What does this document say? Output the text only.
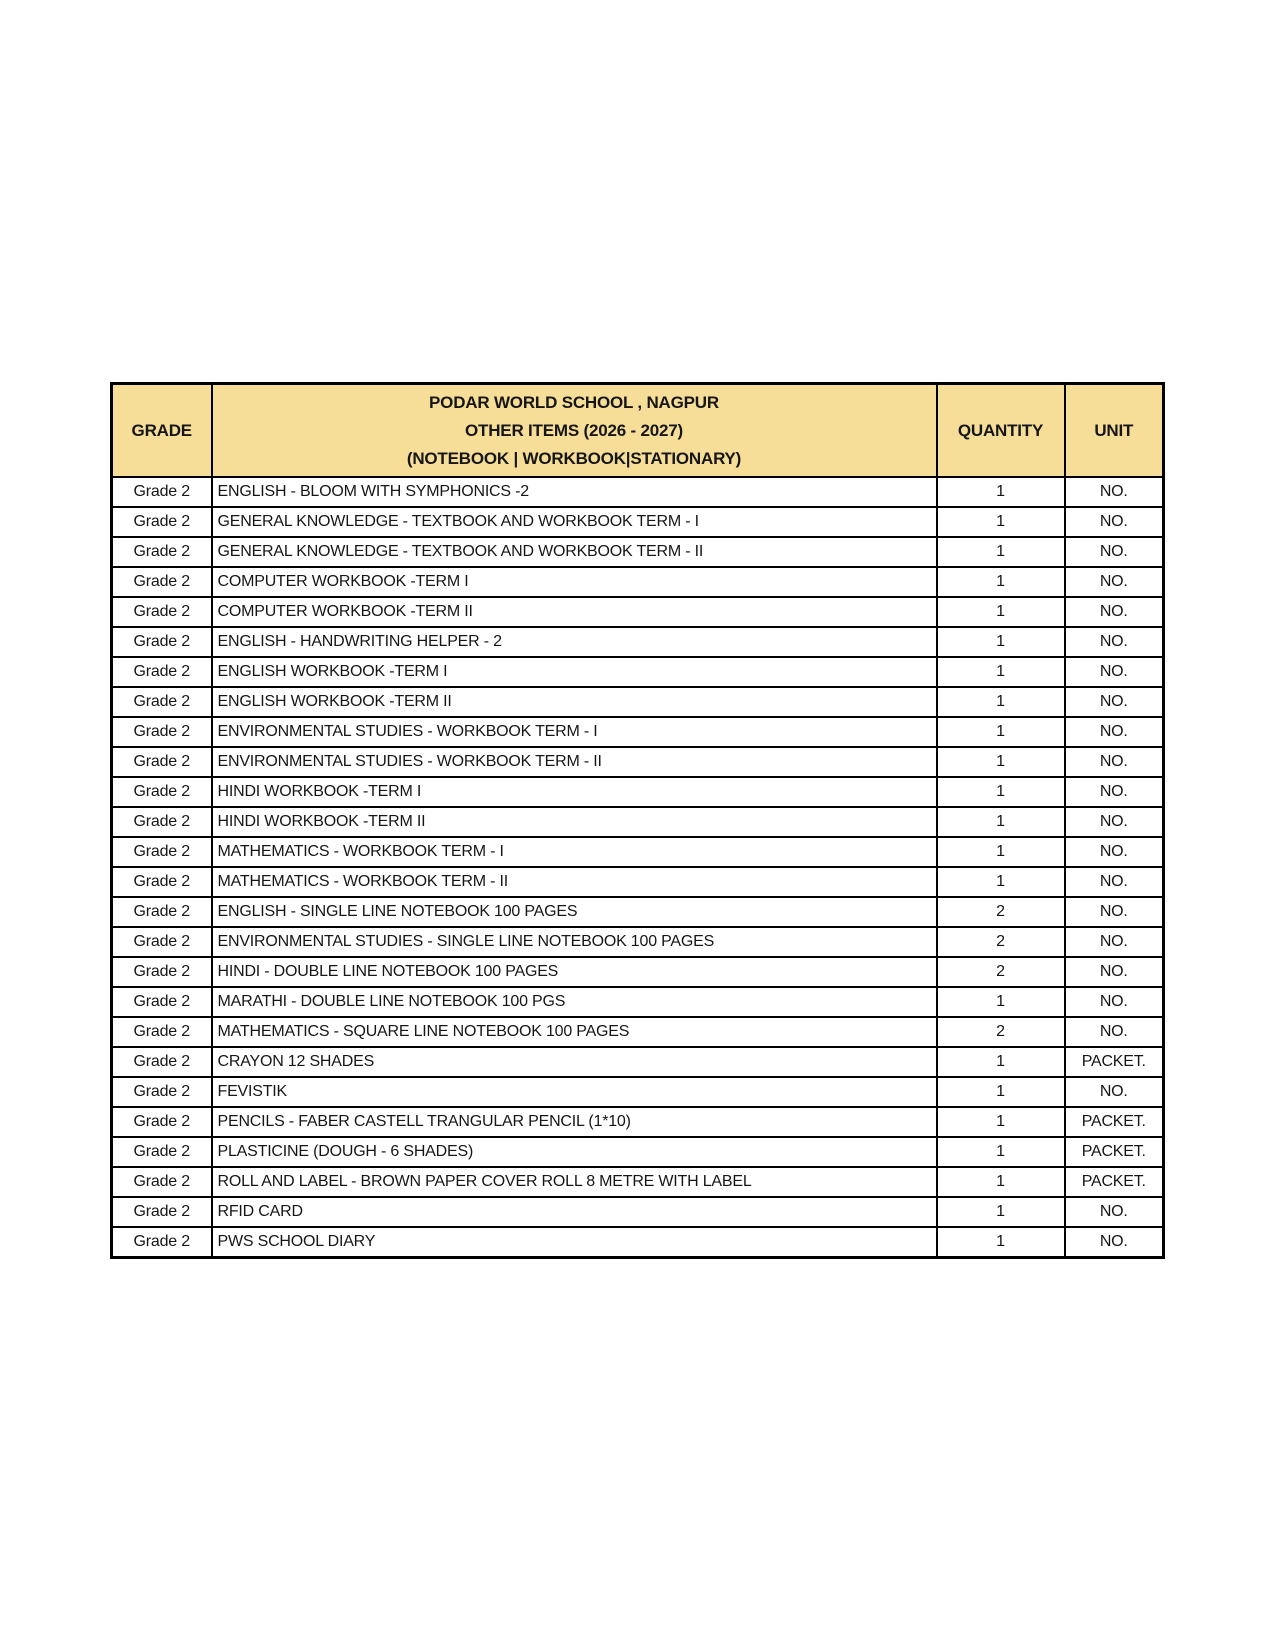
GRADE	PODAR WORLD SCHOOL , NAGPUR
OTHER ITEMS (2026 - 2027)
(NOTEBOOK | WORKBOOK|STATIONARY)	QUANTITY	UNIT
Grade 2	ENGLISH - BLOOM WITH SYMPHONICS -2	1	NO.
Grade 2	GENERAL KNOWLEDGE - TEXTBOOK AND WORKBOOK TERM - I	1	NO.
Grade 2	GENERAL KNOWLEDGE - TEXTBOOK AND WORKBOOK TERM - II	1	NO.
Grade 2	COMPUTER WORKBOOK -TERM I	1	NO.
Grade 2	COMPUTER WORKBOOK -TERM II	1	NO.
Grade 2	ENGLISH - HANDWRITING HELPER - 2	1	NO.
Grade 2	ENGLISH WORKBOOK -TERM I	1	NO.
Grade 2	ENGLISH WORKBOOK -TERM II	1	NO.
Grade 2	ENVIRONMENTAL STUDIES - WORKBOOK TERM - I	1	NO.
Grade 2	ENVIRONMENTAL STUDIES - WORKBOOK TERM - II	1	NO.
Grade 2	HINDI WORKBOOK -TERM I	1	NO.
Grade 2	HINDI WORKBOOK -TERM II	1	NO.
Grade 2	MATHEMATICS - WORKBOOK TERM - I	1	NO.
Grade 2	MATHEMATICS - WORKBOOK TERM - II	1	NO.
Grade 2	ENGLISH - SINGLE LINE NOTEBOOK 100 PAGES	2	NO.
Grade 2	ENVIRONMENTAL STUDIES - SINGLE LINE NOTEBOOK 100 PAGES	2	NO.
Grade 2	HINDI - DOUBLE LINE NOTEBOOK 100 PAGES	2	NO.
Grade 2	MARATHI - DOUBLE LINE NOTEBOOK 100 PGS	1	NO.
Grade 2	MATHEMATICS - SQUARE LINE NOTEBOOK 100 PAGES	2	NO.
Grade 2	CRAYON 12 SHADES	1	PACKET.
Grade 2	FEVISTIK	1	NO.
Grade 2	PENCILS - FABER CASTELL TRANGULAR PENCIL (1*10)	1	PACKET.
Grade 2	PLASTICINE (DOUGH - 6 SHADES)	1	PACKET.
Grade 2	ROLL AND LABEL - BROWN PAPER COVER ROLL 8 METRE WITH LABEL	1	PACKET.
Grade 2	RFID CARD	1	NO.
Grade 2	PWS SCHOOL DIARY	1	NO.
